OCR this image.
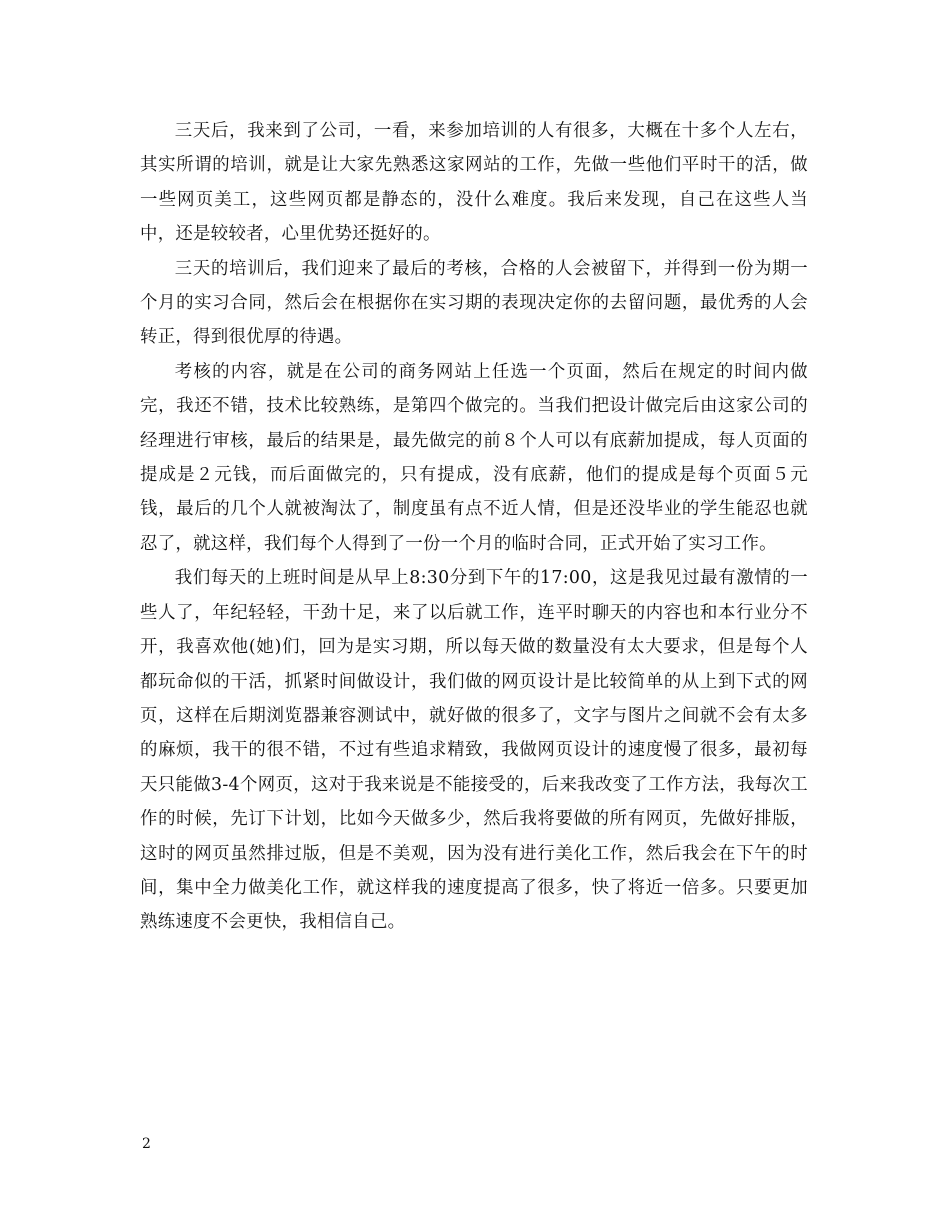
三天后，我来到了公司，一看，来参加培训的人有很多，大概在十多个人左右，其实所谓的培训，就是让大家先熟悉这家网站的工作，先做一些他们平时干的活，做一些网页美工，这些网页都是静态的，没什么难度。我后来发现，自己在这些人当中，还是较较者，心里优势还挺好的。

三天的培训后，我们迎来了最后的考核，合格的人会被留下，并得到一份为期一个月的实习合同，然后会在根据你在实习期的表现决定你的去留问题，最优秀的人会转正，得到很优厚的待遇。

考核的内容，就是在公司的商务网站上任选一个页面，然后在规定的时间内做完，我还不错，技术比较熟练，是第四个做完的。当我们把设计做完后由这家公司的经理进行审核，最后的结果是，最先做完的前８个人可以有底薪加提成，每人页面的提成是２元钱，而后面做完的，只有提成，没有底薪，他们的提成是每个页面５元钱，最后的几个人就被淘汰了，制度虽有点不近人情，但是还没毕业的学生能忍也就忍了，就这样，我们每个人得到了一份一个月的临时合同，正式开始了实习工作。

我们每天的上班时间是从早上8:30分到下午的17:00，这是我见过最有激情的一些人了，年纪轻轻，干劲十足，来了以后就工作，连平时聊天的内容也和本行业分不开，我喜欢他(她)们，回为是实习期，所以每天做的数量没有太大要求，但是每个人都玩命似的干活，抓紧时间做设计，我们做的网页设计是比较简单的从上到下式的网页，这样在后期浏览器兼容测试中，就好做的很多了，文字与图片之间就不会有太多的麻烦，我干的很不错，不过有些追求精致，我做网页设计的速度慢了很多，最初每天只能做3-4个网页，这对于我来说是不能接受的，后来我改变了工作方法，我每次工作的时候，先订下计划，比如今天做多少，然后我将要做的所有网页，先做好排版，这时的网页虽然排过版，但是不美观，因为没有进行美化工作，然后我会在下午的时间，集中全力做美化工作，就这样我的速度提高了很多，快了将近一倍多。只要更加熟练速度不会更快，我相信自己。

2
